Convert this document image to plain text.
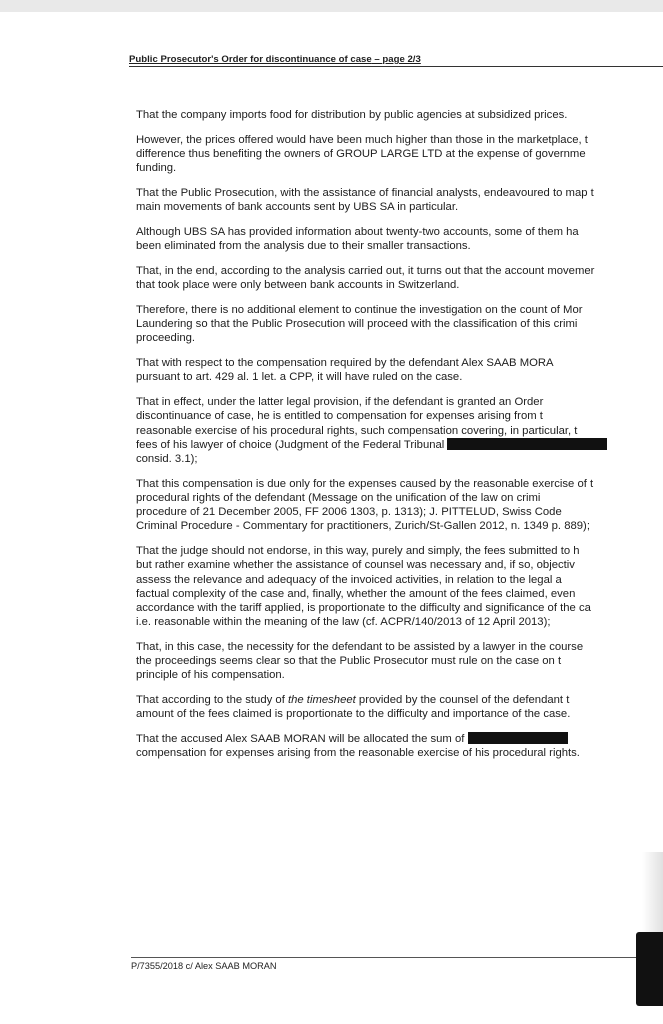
Public Prosecutor's Order for discontinuance of case – page 2/3

That the company imports food for distribution by public agencies at subsidized prices.

However, the prices offered would have been much higher than those in the marketplace, t
difference thus benefiting the owners of GROUP LARGE LTD at the expense of governme
funding.

That the Public Prosecution, with the assistance of financial analysts, endeavoured to map t
main movements of bank accounts sent by UBS SA in particular.

Although UBS SA has provided information about twenty-two accounts, some of them ha
been eliminated from the analysis due to their smaller transactions.

That, in the end, according to the analysis carried out, it turns out that the account movemer
that took place were only between bank accounts in Switzerland.

Therefore, there is no additional element to continue the investigation on the count of Mor
Laundering so that the Public Prosecution will proceed with the classification of this crimi
proceeding.

That with respect to the compensation required by the defendant Alex SAAB MORA
pursuant to art. 429 al. 1 let. a CPP, it will have ruled on the case.

That in effect, under the latter legal provision, if the defendant is granted an Order
discontinuance of case, he is entitled to compensation for expenses arising from t
reasonable exercise of his procedural rights, such compensation covering, in particular, t
fees of his lawyer of choice (Judgment of the Federal Tribunal
consid. 3.1);

That this compensation is due only for the expenses caused by the reasonable exercise of t
procedural rights of the defendant (Message on the unification of the law on crimi
procedure of 21 December 2005, FF 2006 1303, p. 1313); J. PITTELUD, Swiss Code
Criminal Procedure - Commentary for practitioners, Zurich/St-Gallen 2012, n. 1349 p. 889);

That the judge should not endorse, in this way, purely and simply, the fees submitted to h
but rather examine whether the assistance of counsel was necessary and, if so, objectiv
assess the relevance and adequacy of the invoiced activities, in relation to the legal a
factual complexity of the case and, finally, whether the amount of the fees claimed, even
accordance with the tariff applied, is proportionate to the difficulty and significance of the ca
i.e. reasonable within the meaning of the law (cf. ACPR/140/2013 of 12 April 2013);

That, in this case, the necessity for the defendant to be assisted by a lawyer in the course
the proceedings seems clear so that the Public Prosecutor must rule on the case on t
principle of his compensation.

That according to the study of the timesheet provided by the counsel of the defendant t
amount of the fees claimed is proportionate to the difficulty and importance of the case.

That the accused Alex SAAB MORAN will be allocated the sum of
compensation for expenses arising from the reasonable exercise of his procedural rights.

P/7355/2018 c/ Alex SAAB MORAN
